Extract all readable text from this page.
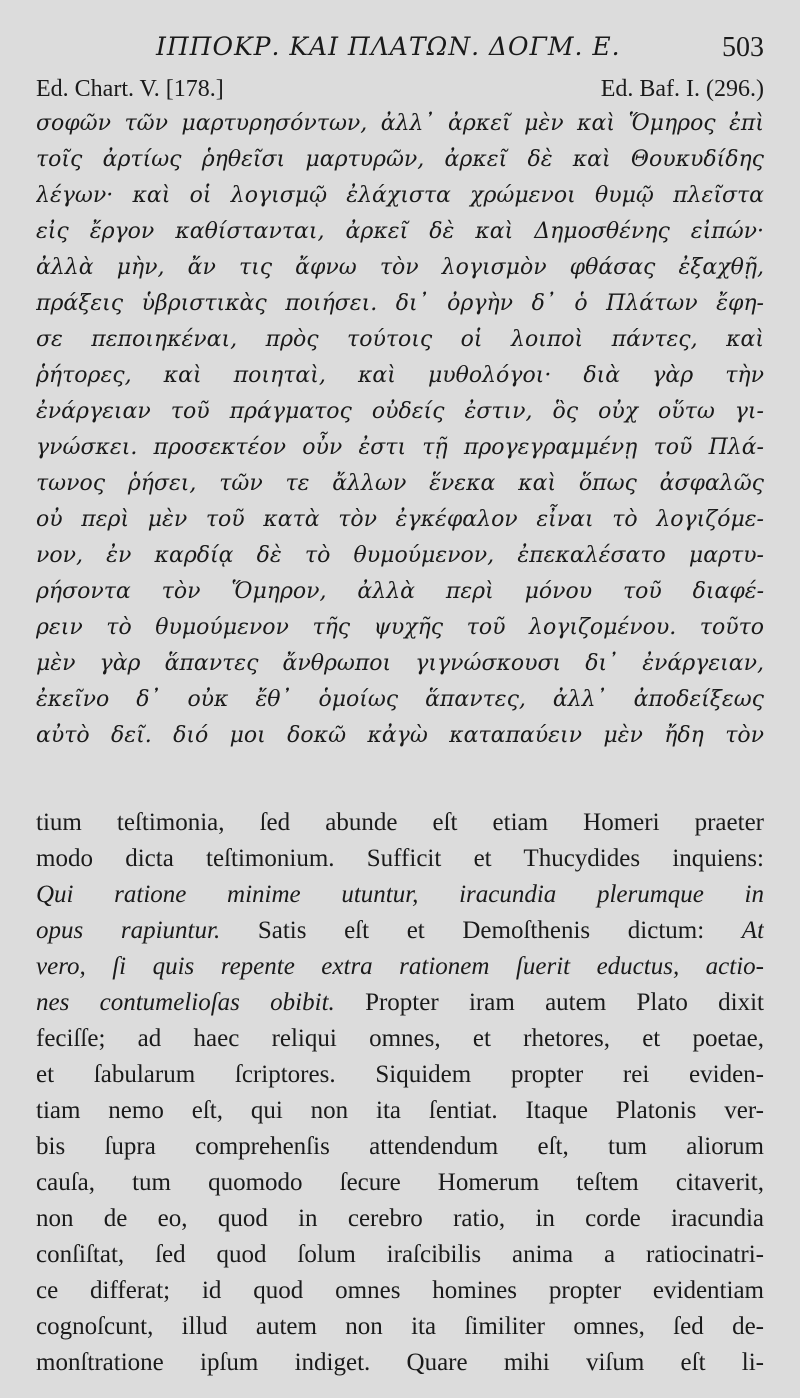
ΙΠΠΟΚΡ. ΚΑΙ ΠΛΑΤΩΝ. ΔΟΓΜ. Ε.	503
Ed. Chart. V. [178.]	Ed. Baf. I. (296.)
σοφῶν τῶν μαρτυρησόντων, ἀλλ᾿ ἀρκεῖ μὲν καὶ Ὅμηρος ἐπὶ
τοῖς ἀρτίως ῥηθεῖσι μαρτυρῶν, ἀρκεῖ δὲ καὶ Θουκυδίδης
λέγων· καὶ οἱ λογισμῷ ἐλάχιστα χρώμενοι θυμῷ πλεῖστα
εἰς ἔργον καθίστανται, ἀρκεῖ δὲ καὶ Δημοσθένης εἰπών·
ἀλλὰ μὴν, ἄν τις ἄφνω τὸν λογισμὸν φθάσας ἐξαχθῇ,
πράξεις ὑβριστικὰς ποιήσει. δι᾿ ὀργὴν δ᾿ ὁ Πλάτων ἔφη-
σε πεποιηκέναι, πρὸς τούτοις οἱ λοιποὶ πάντες, καὶ
ῥήτορες, καὶ ποιηταὶ, καὶ μυθολόγοι· διὰ γὰρ τὴν
ἐνάργειαν τοῦ πράγματος οὐδείς ἐστιν, ὃς οὐχ οὕτω γι-
γνώσκει. προσεκτέον οὖν ἐστι τῇ προγεγραμμένῃ τοῦ Πλά-
τωνος ῥήσει, τῶν τε ἄλλων ἕνεκα καὶ ὅπως ἀσφαλῶς
οὐ περὶ μὲν τοῦ κατὰ τὸν ἐγκέφαλον εἶναι τὸ λογιζόμε-
νον, ἐν καρδίᾳ δὲ τὸ θυμούμενον, ἐπεκαλέσατο μαρτυ-
ρήσοντα τὸν Ὅμηρον, ἀλλὰ περὶ μόνου τοῦ διαφέ-
ρειν τὸ θυμούμενον τῆς ψυχῆς τοῦ λογιζομένου. τοῦτο
μὲν γὰρ ἅπαντες ἄνθρωποι γιγνώσκουσι δι᾿ ἐνάργειαν,
ἐκεῖνο δ᾿ οὐκ ἔθ᾿ ὁμοίως ἅπαντες, ἀλλ᾿ ἀποδείξεως
αὐτὸ δεῖ. διό μοι δοκῶ κἀγὼ καταπαύειν μὲν ἤδη τὸν
tium teſtimonia, ſed abunde eſt etiam Homeri praeter
modo dicta teſtimonium. Sufficit et Thucydides inquiens:
Qui ratione minime utuntur, iracundia plerumque in
opus rapiuntur. Satis eſt et Demoſthenis dictum: At
vero, ſi quis repente extra rationem ſuerit eductus, actio-
nes contumelioſas obibit. Propter iram autem Plato dixit
feciſſe; ad haec reliqui omnes, et rhetores, et poetae,
et ſabularum ſcriptores. Siquidem propter rei eviden-
tiam nemo eſt, qui non ita ſentiat. Itaque Platonis ver-
bis ſupra comprehenſis attendendum eſt, tum aliorum
cauſa, tum quomodo ſecure Homerum teſtem citaverit,
non de eo, quod in cerebro ratio, in corde iracundia
conſiſtat, ſed quod ſolum iraſcibilis anima a ratiocinatri-
ce differat; id quod omnes homines propter evidentiam
cognoſcunt, illud autem non ita ſimiliter omnes, ſed de-
monſtratione ipſum indiget. Quare mihi viſum eſt li-
